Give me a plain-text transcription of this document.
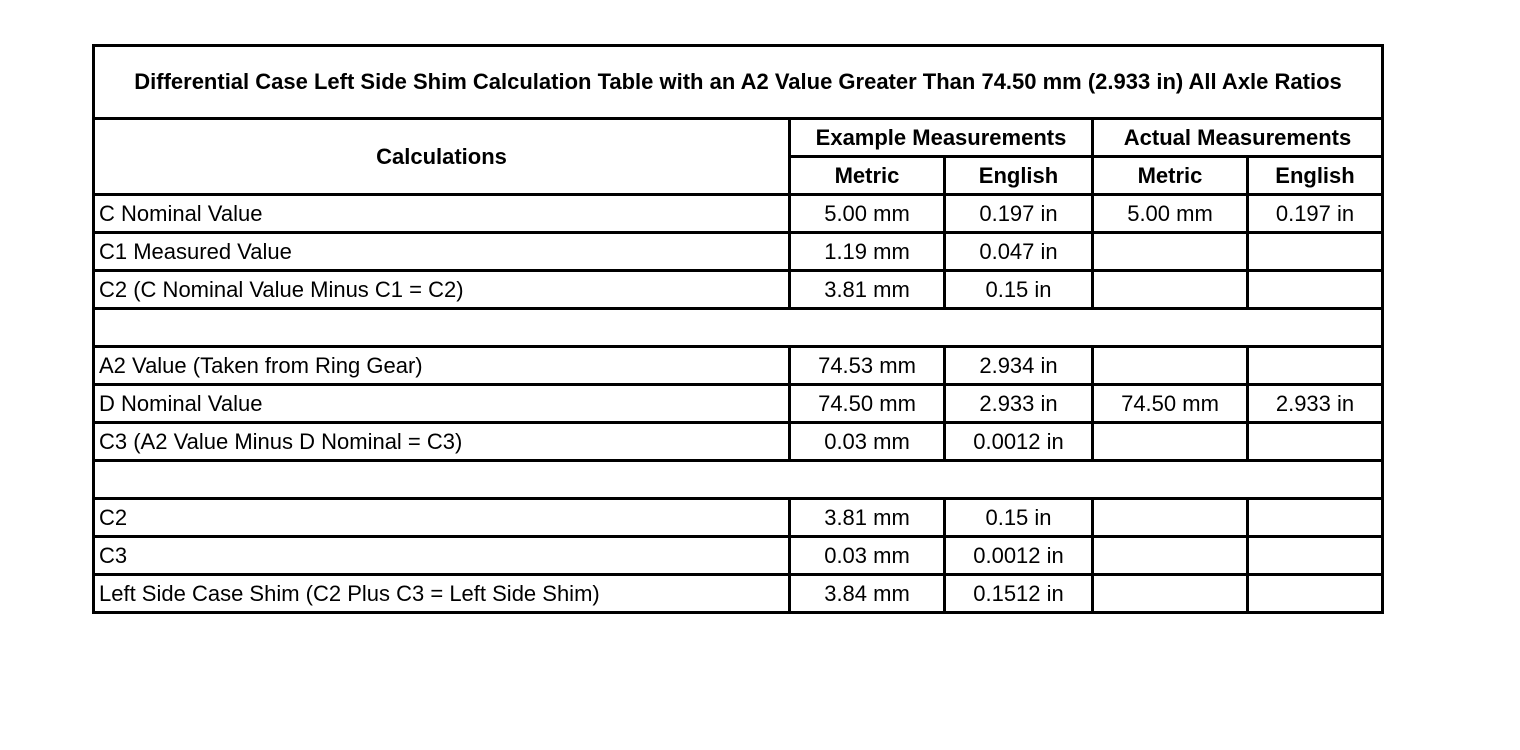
Differential Case Left Side Shim Calculation Table with an A2 Value Greater Than 74.50 mm (2.933 in) All Axle Ratios				
Calculations	Example Measurements		Actual Measurements	
	Metric	English	Metric	English
C Nominal Value	5.00 mm	0.197 in	5.00 mm	0.197 in
C1 Measured Value	1.19 mm	0.047 in		
C2 (C Nominal Value Minus C1 = C2)	3.81 mm	0.15 in		

A2 Value (Taken from Ring Gear)	74.53 mm	2.934 in		
D Nominal Value	74.50 mm	2.933 in	74.50 mm	2.933 in
C3 (A2 Value Minus D Nominal = C3)	0.03 mm	0.0012 in		

C2	3.81 mm	0.15 in		
C3	0.03 mm	0.0012 in		
Left Side Case Shim (C2 Plus C3 = Left Side Shim)	3.84 mm	0.1512 in		
